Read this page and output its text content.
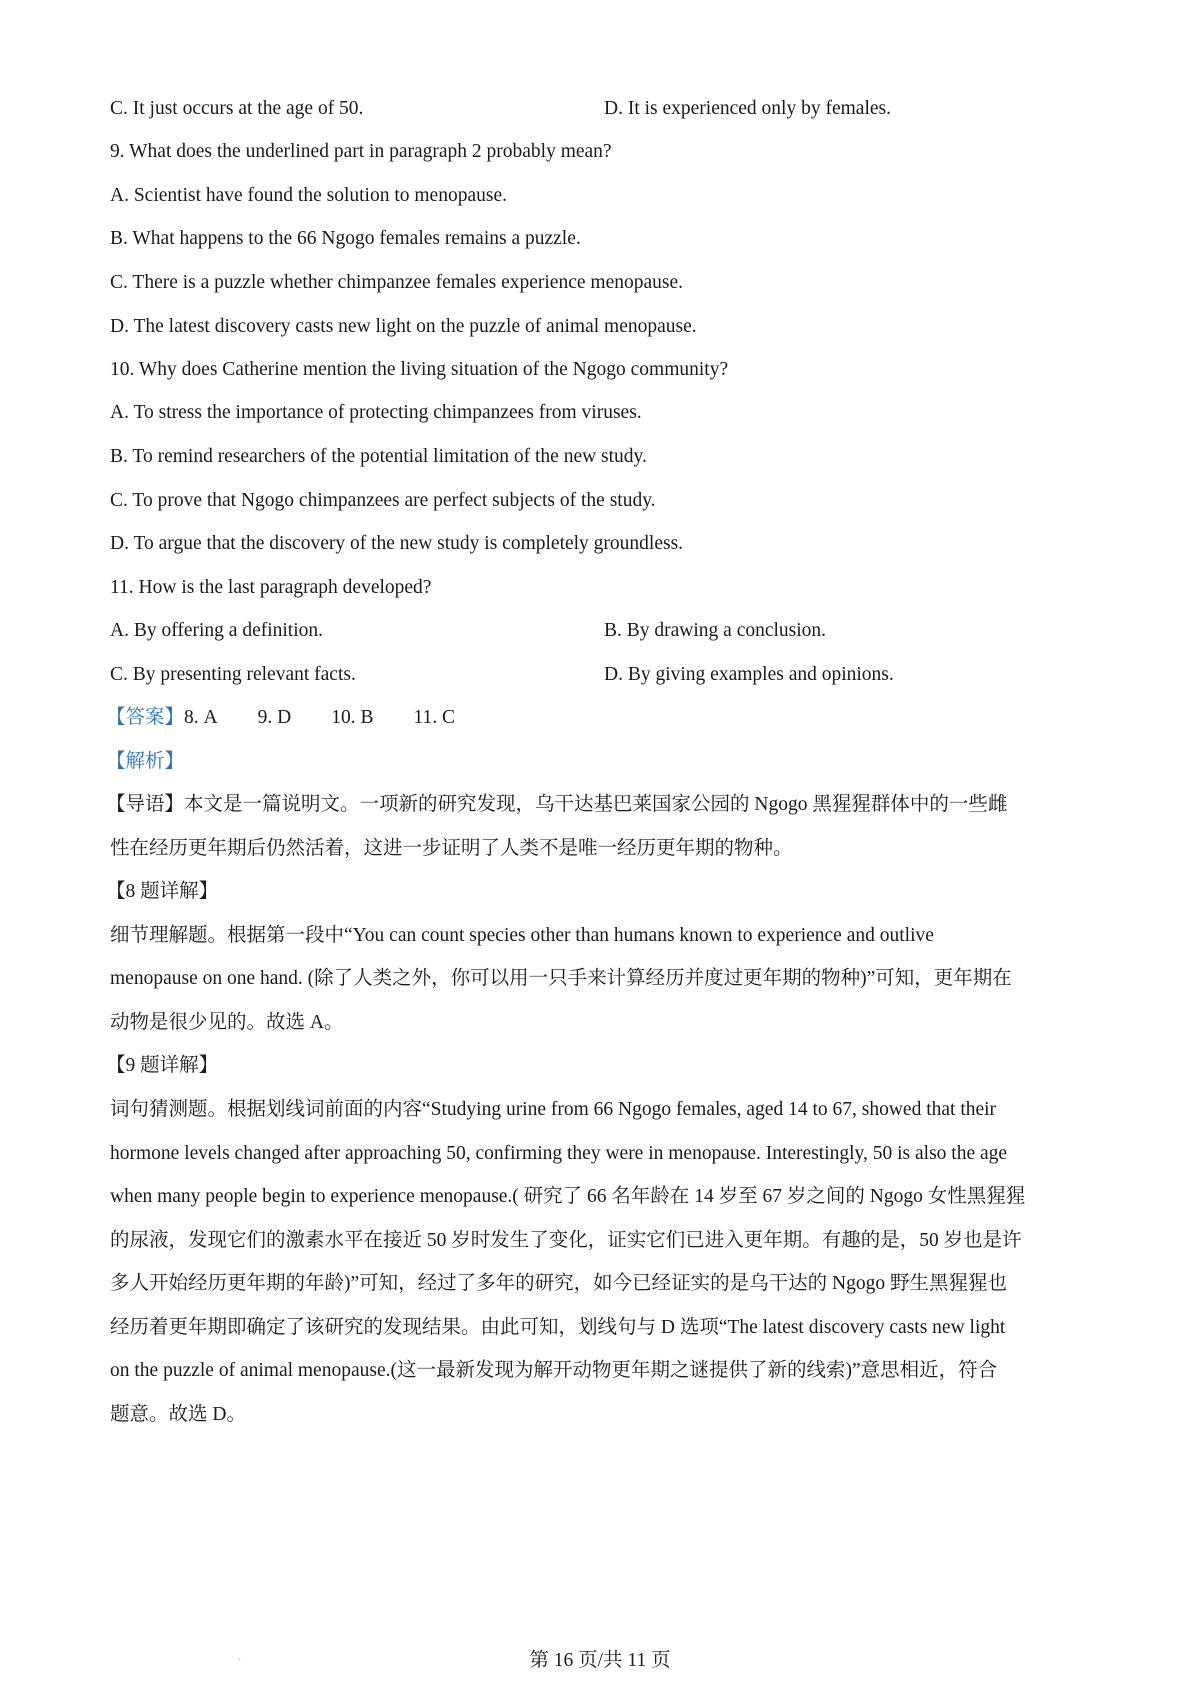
C. It just occurs at the age of 50.	D. It is experienced only by females.
9. What does the underlined part in paragraph 2 probably mean?
A. Scientist have found the solution to menopause.
B. What happens to the 66 Ngogo females remains a puzzle.
C. There is a puzzle whether chimpanzee females experience menopause.
D. The latest discovery casts new light on the puzzle of animal menopause.
10. Why does Catherine mention the living situation of the Ngogo community?
A. To stress the importance of protecting chimpanzees from viruses.
B. To remind researchers of the potential limitation of the new study.
C. To prove that Ngogo chimpanzees are perfect subjects of the study.
D. To argue that the discovery of the new study is completely groundless.
11. How is the last paragraph developed?
A. By offering a definition.	B. By drawing a conclusion.
C. By presenting relevant facts.	D. By giving examples and opinions.
【答案】8. A 9. D 10. B 11. C
【解析】
【导语】本文是一篇说明文。一项新的研究发现，乌干达基巴莱国家公园的 Ngogo 黑猩猩群体中的一些雌
性在经历更年期后仍然活着，这进一步证明了人类不是唯一经历更年期的物种。
【8 题详解】
细节理解题。根据第一段中“You can count species other than humans known to experience and outlive
menopause on one hand. (除了人类之外，你可以用一只手来计算经历并度过更年期的物种)”可知，更年期在
动物是很少见的。故选 A。
【9 题详解】
词句猜测题。根据划线词前面的内容“Studying urine from 66 Ngogo females, aged 14 to 67, showed that their
hormone levels changed after approaching 50, confirming they were in menopause. Interestingly, 50 is also the age
when many people begin to experience menopause.( 研究了 66 名年龄在 14 岁至 67 岁之间的 Ngogo 女性黑猩猩
的尿液，发现它们的激素水平在接近 50 岁时发生了变化，证实它们已进入更年期。有趣的是，50 岁也是许
多人开始经历更年期的年龄)”可知，经过了多年的研究，如今已经证实的是乌干达的 Ngogo 野生黑猩猩也
经历着更年期即确定了该研究的发现结果。由此可知，划线句与 D 选项“The latest discovery casts new light
on the puzzle of animal menopause.(这一最新发现为解开动物更年期之谜提供了新的线索)”意思相近，符合
题意。故选 D。
·	第 16 页/共 11 页
